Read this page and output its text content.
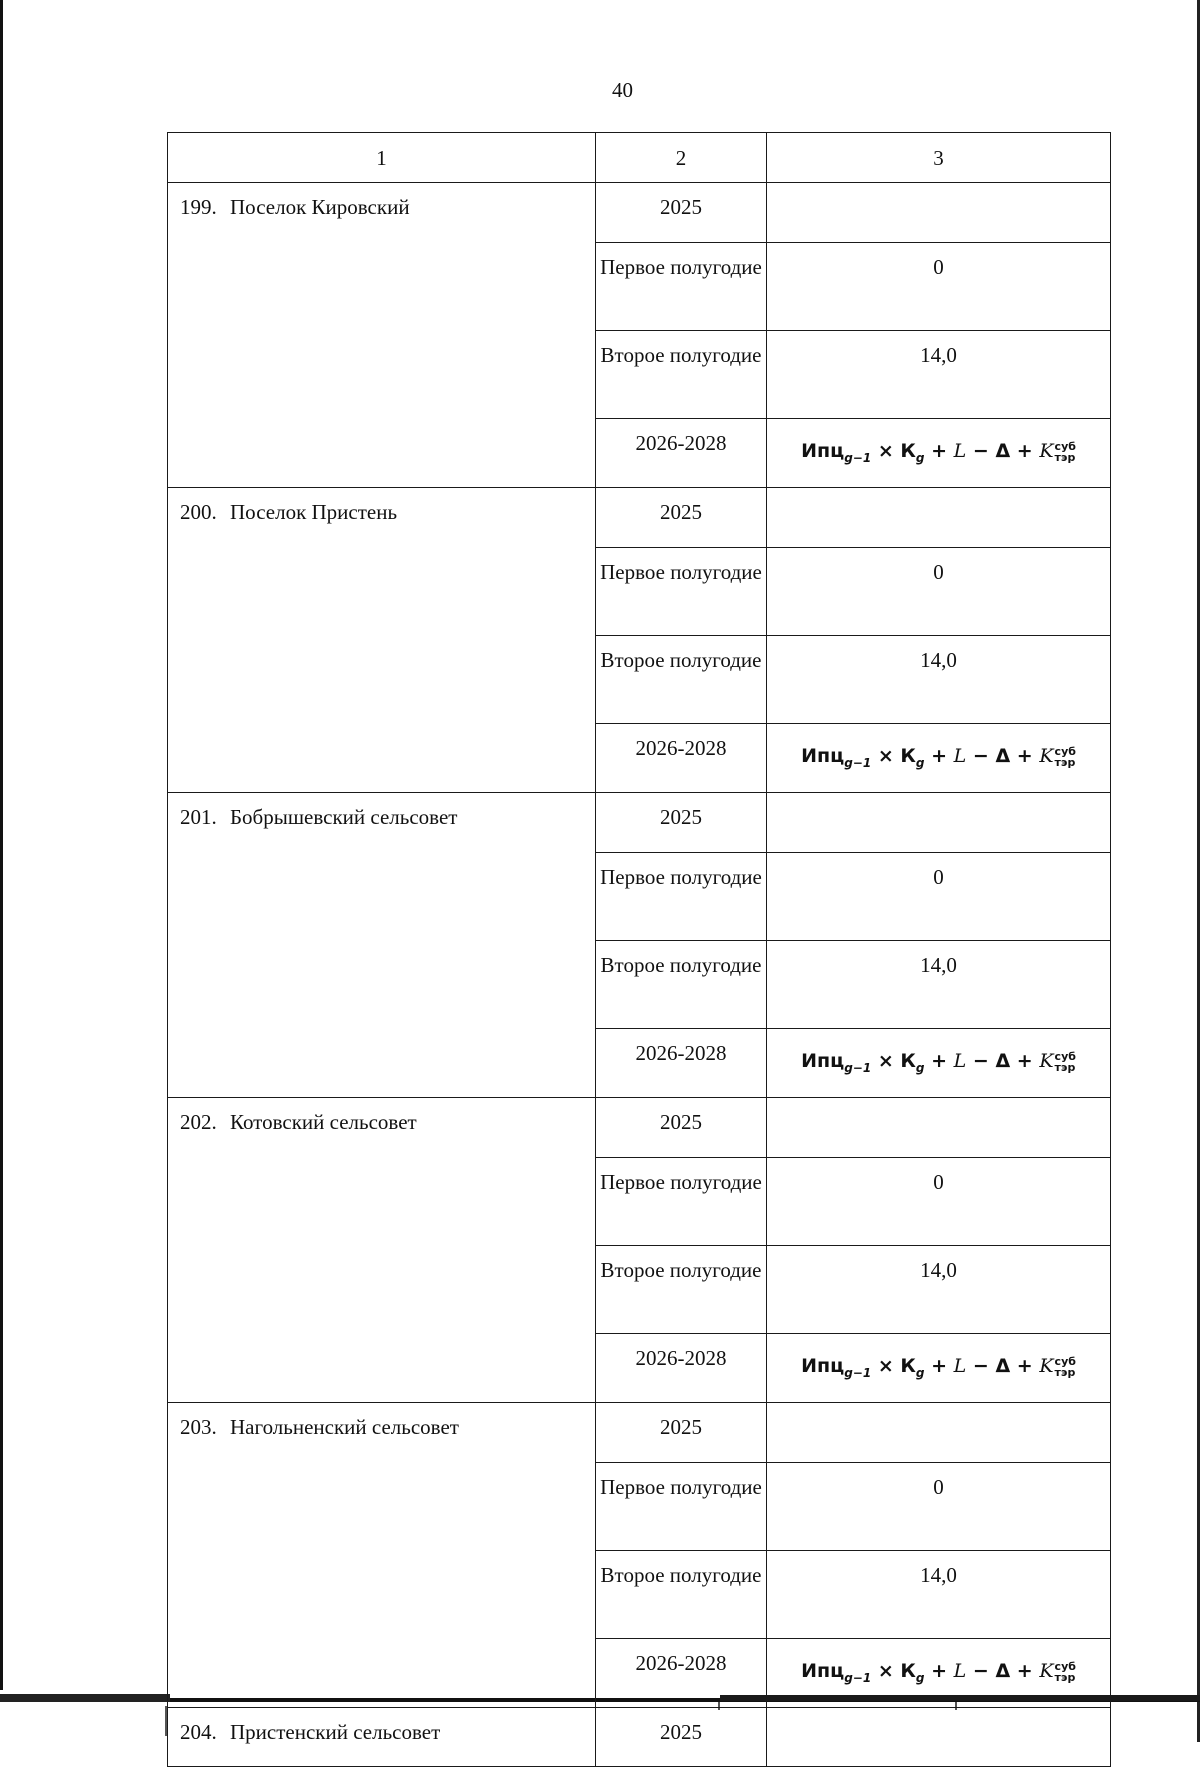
40
1	2	3
199. Поселок Кировский	2025	
	Первое полугодие	0
	Второе полугодие	14,0
	2026-2028	$Ипц_{g-1} \times К_g + L - \Delta + K$ суб
тэр

200. Поселок Пристень	2025	
	Первое полугодие	0
	Второе полугодие	14,0
	2026-2028	$Ипц_{g-1} \times К_g + L - \Delta + K$ суб
тэр

201. Бобрышевский сельсовет	2025	
	Первое полугодие	0
	Второе полугодие	14,0
	2026-2028	$Ипц_{g-1} \times К_g + L - \Delta + K$ суб
тэр

202. Котовский сельсовет	2025	
	Первое полугодие	0
	Второе полугодие	14,0
	2026-2028	$Ипц_{g-1} \times К_g + L - \Delta + K$ суб
тэр

203. Нагольненский сельсовет	2025	
	Первое полугодие	0
	Второе полугодие	14,0
	2026-2028	$Ипц_{g-1} \times К_g + L - \Delta + K$ суб
тэр

204. Пристенский сельсовет	2025	
